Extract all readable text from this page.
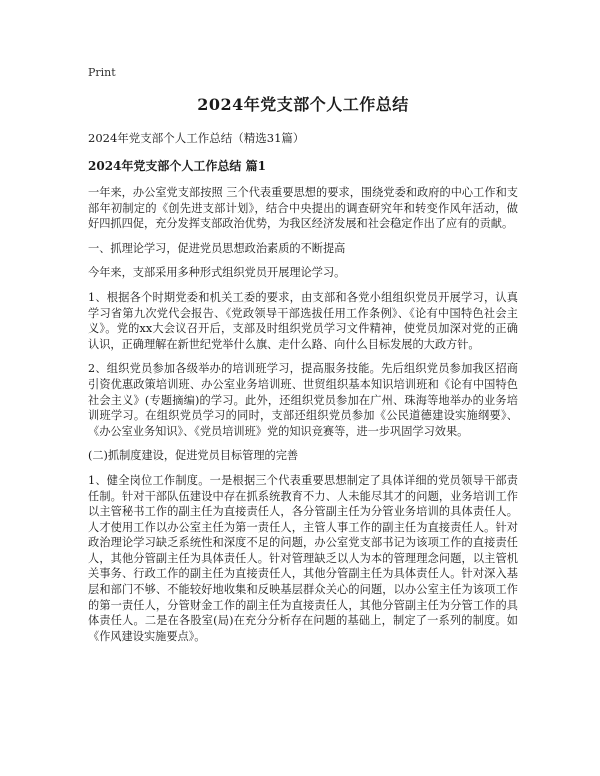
Print
2024年党支部个人工作总结

2024年党支部个人工作总结（精选31篇）

2024年党支部个人工作总结 篇1

一年来，办公室党支部按照 三个代表重要思想的要求，围绕党委和政府的中心工作和支部年初制定的《创先进支部计划》，结合中央提出的调查研究年和转变作风年活动，做好四抓四促，充分发挥支部政治优势，为我区经济发展和社会稳定作出了应有的贡献。

一、抓理论学习，促进党员思想政治素质的不断提高

今年来，支部采用多种形式组织党员开展理论学习。

1、根据各个时期党委和机关工委的要求，由支部和各党小组组织党员开展学习，认真学习省第九次党代会报告、《党政领导干部选拔任用工作条例》、《论有中国特色社会主义》。党的xx大会议召开后，支部及时组织党员学习文件精神，使党员加深对党的正确认识，正确理解在新世纪党举什么旗、走什么路、向什么目标发展的大政方针。

2、组织党员参加各级举办的培训班学习，提高服务技能。先后组织党员参加我区招商引资优惠政策培训班、办公室业务培训班、世贸组织基本知识培训班和《论有中国特色社会主义》(专题摘编)的学习。此外，还组织党员参加在广州、珠海等地举办的业务培训班学习。在组织党员学习的同时，支部还组织党员参加《公民道德建设实施纲要》、《办公室业务知识》、《党员培训班》党的知识竞赛等，进一步巩固学习效果。

(二)抓制度建设，促进党员目标管理的完善

1、健全岗位工作制度。一是根据三个代表重要思想制定了具体详细的党员领导干部责任制。针对干部队伍建设中存在抓系统教育不力、人未能尽其才的问题，业务培训工作以主管秘书工作的副主任为直接责任人，各分管副主任为分管业务培训的具体责任人。人才使用工作以办公室主任为第一责任人，主管人事工作的副主任为直接责任人。针对政治理论学习缺乏系统性和深度不足的问题，办公室党支部书记为该项工作的直接责任人，其他分管副主任为具体责任人。针对管理缺乏以人为本的管理理念问题，以主管机关事务、行政工作的副主任为直接责任人，其他分管副主任为具体责任人。针对深入基层和部门不够、不能较好地收集和反映基层群众关心的问题，以办公室主任为该项工作的第一责任人，分管财金工作的副主任为直接责任人，其他分管副主任为分管工作的具体责任人。二是在各股室(局)在充分分析存在问题的基础上，制定了一系列的制度。如《作风建设实施要点》。
